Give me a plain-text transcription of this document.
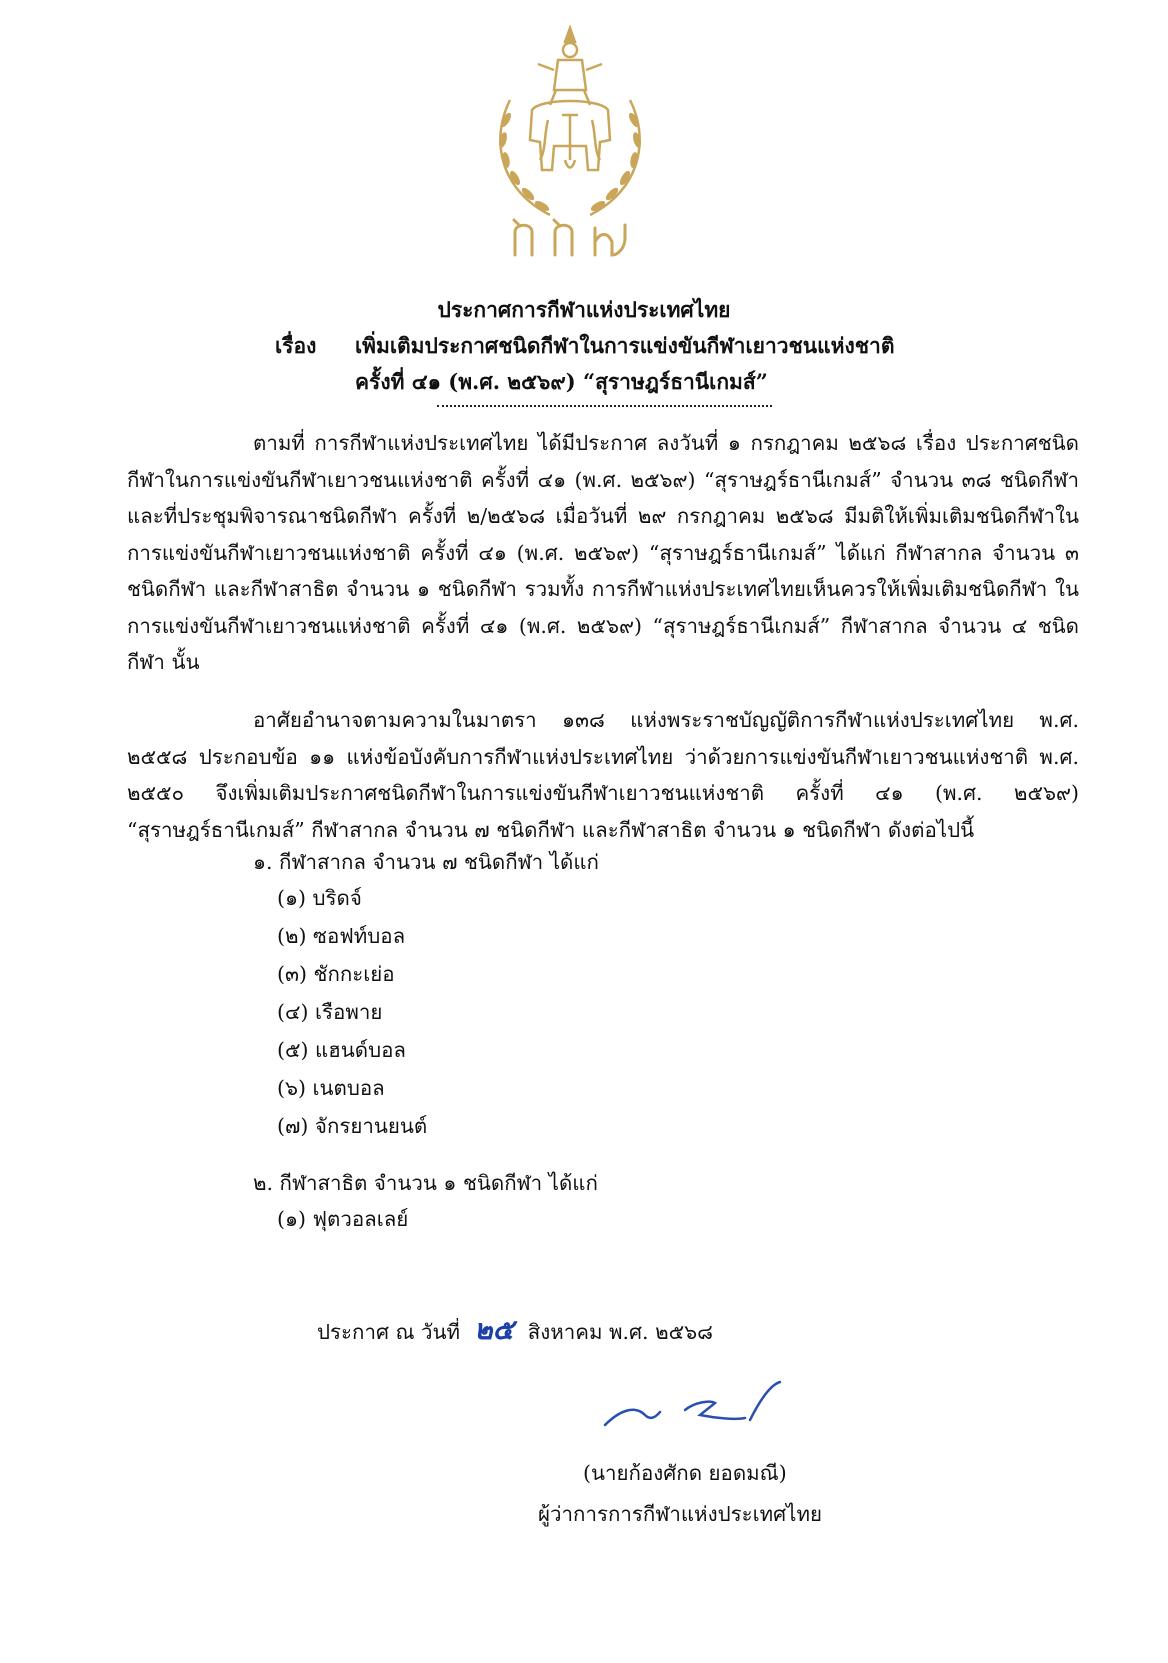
ประกาศการกีฬาแห่งประเทศไทย
เรื่อง เพิ่มเติมประกาศชนิดกีฬาในการแข่งขันกีฬาเยาวชนแห่งชาติ
ครั้งที่ ๔๑ (พ.ศ. ๒๕๖๙) “สุราษฎร์ธานีเกมส์”

ตามที่ การกีฬาแห่งประเทศไทย ได้มีประกาศ ลงวันที่ ๑ กรกฎาคม ๒๕๖๘ เรื่อง ประกาศชนิดกีฬาในการแข่งขันกีฬาเยาวชนแห่งชาติ ครั้งที่ ๔๑ (พ.ศ. ๒๕๖๙) “สุราษฎร์ธานีเกมส์” จำนวน ๓๘ ชนิดกีฬา และที่ประชุมพิจารณาชนิดกีฬา ครั้งที่ ๒/๒๕๖๘ เมื่อวันที่ ๒๙ กรกฎาคม ๒๕๖๘ มีมติให้เพิ่มเติมชนิดกีฬาในการแข่งขันกีฬาเยาวชนแห่งชาติ ครั้งที่ ๔๑ (พ.ศ. ๒๕๖๙) “สุราษฎร์ธานีเกมส์” ได้แก่ กีฬาสากล จำนวน ๓ ชนิดกีฬา และกีฬาสาธิต จำนวน ๑ ชนิดกีฬา รวมทั้ง การกีฬาแห่งประเทศไทยเห็นควรให้เพิ่มเติมชนิดกีฬา ในการแข่งขันกีฬาเยาวชนแห่งชาติ ครั้งที่ ๔๑ (พ.ศ. ๒๕๖๙) “สุราษฎร์ธานีเกมส์” กีฬาสากล จำนวน ๔ ชนิดกีฬา นั้น

อาศัยอำนาจตามความในมาตรา ๑๓๘ แห่งพระราชบัญญัติการกีฬาแห่งประเทศไทย พ.ศ. ๒๕๕๘ ประกอบข้อ ๑๑ แห่งข้อบังคับการกีฬาแห่งประเทศไทย ว่าด้วยการแข่งขันกีฬาเยาวชนแห่งชาติ พ.ศ. ๒๕๕๐ จึงเพิ่มเติมประกาศชนิดกีฬาในการแข่งขันกีฬาเยาวชนแห่งชาติ ครั้งที่ ๔๑ (พ.ศ. ๒๕๖๙) “สุราษฎร์ธานีเกมส์” กีฬาสากล จำนวน ๗ ชนิดกีฬา และกีฬาสาธิต จำนวน ๑ ชนิดกีฬา ดังต่อไปนี้

๑. กีฬาสากล จำนวน ๗ ชนิดกีฬา ได้แก่
(๑) บริดจ์
(๒) ซอฟท์บอล
(๓) ชักกะเย่อ
(๔) เรือพาย
(๕) แฮนด์บอล
(๖) เนตบอล
(๗) จักรยานยนต์
๒. กีฬาสาธิต จำนวน ๑ ชนิดกีฬา ได้แก่
(๑) ฟุตวอลเลย์
ประกาศ ณ วันที่ ๒๕ สิงหาคม พ.ศ. ๒๕๖๘
(นายก้องศักด ยอดมณี)
ผู้ว่าการการกีฬาแห่งประเทศไทย
